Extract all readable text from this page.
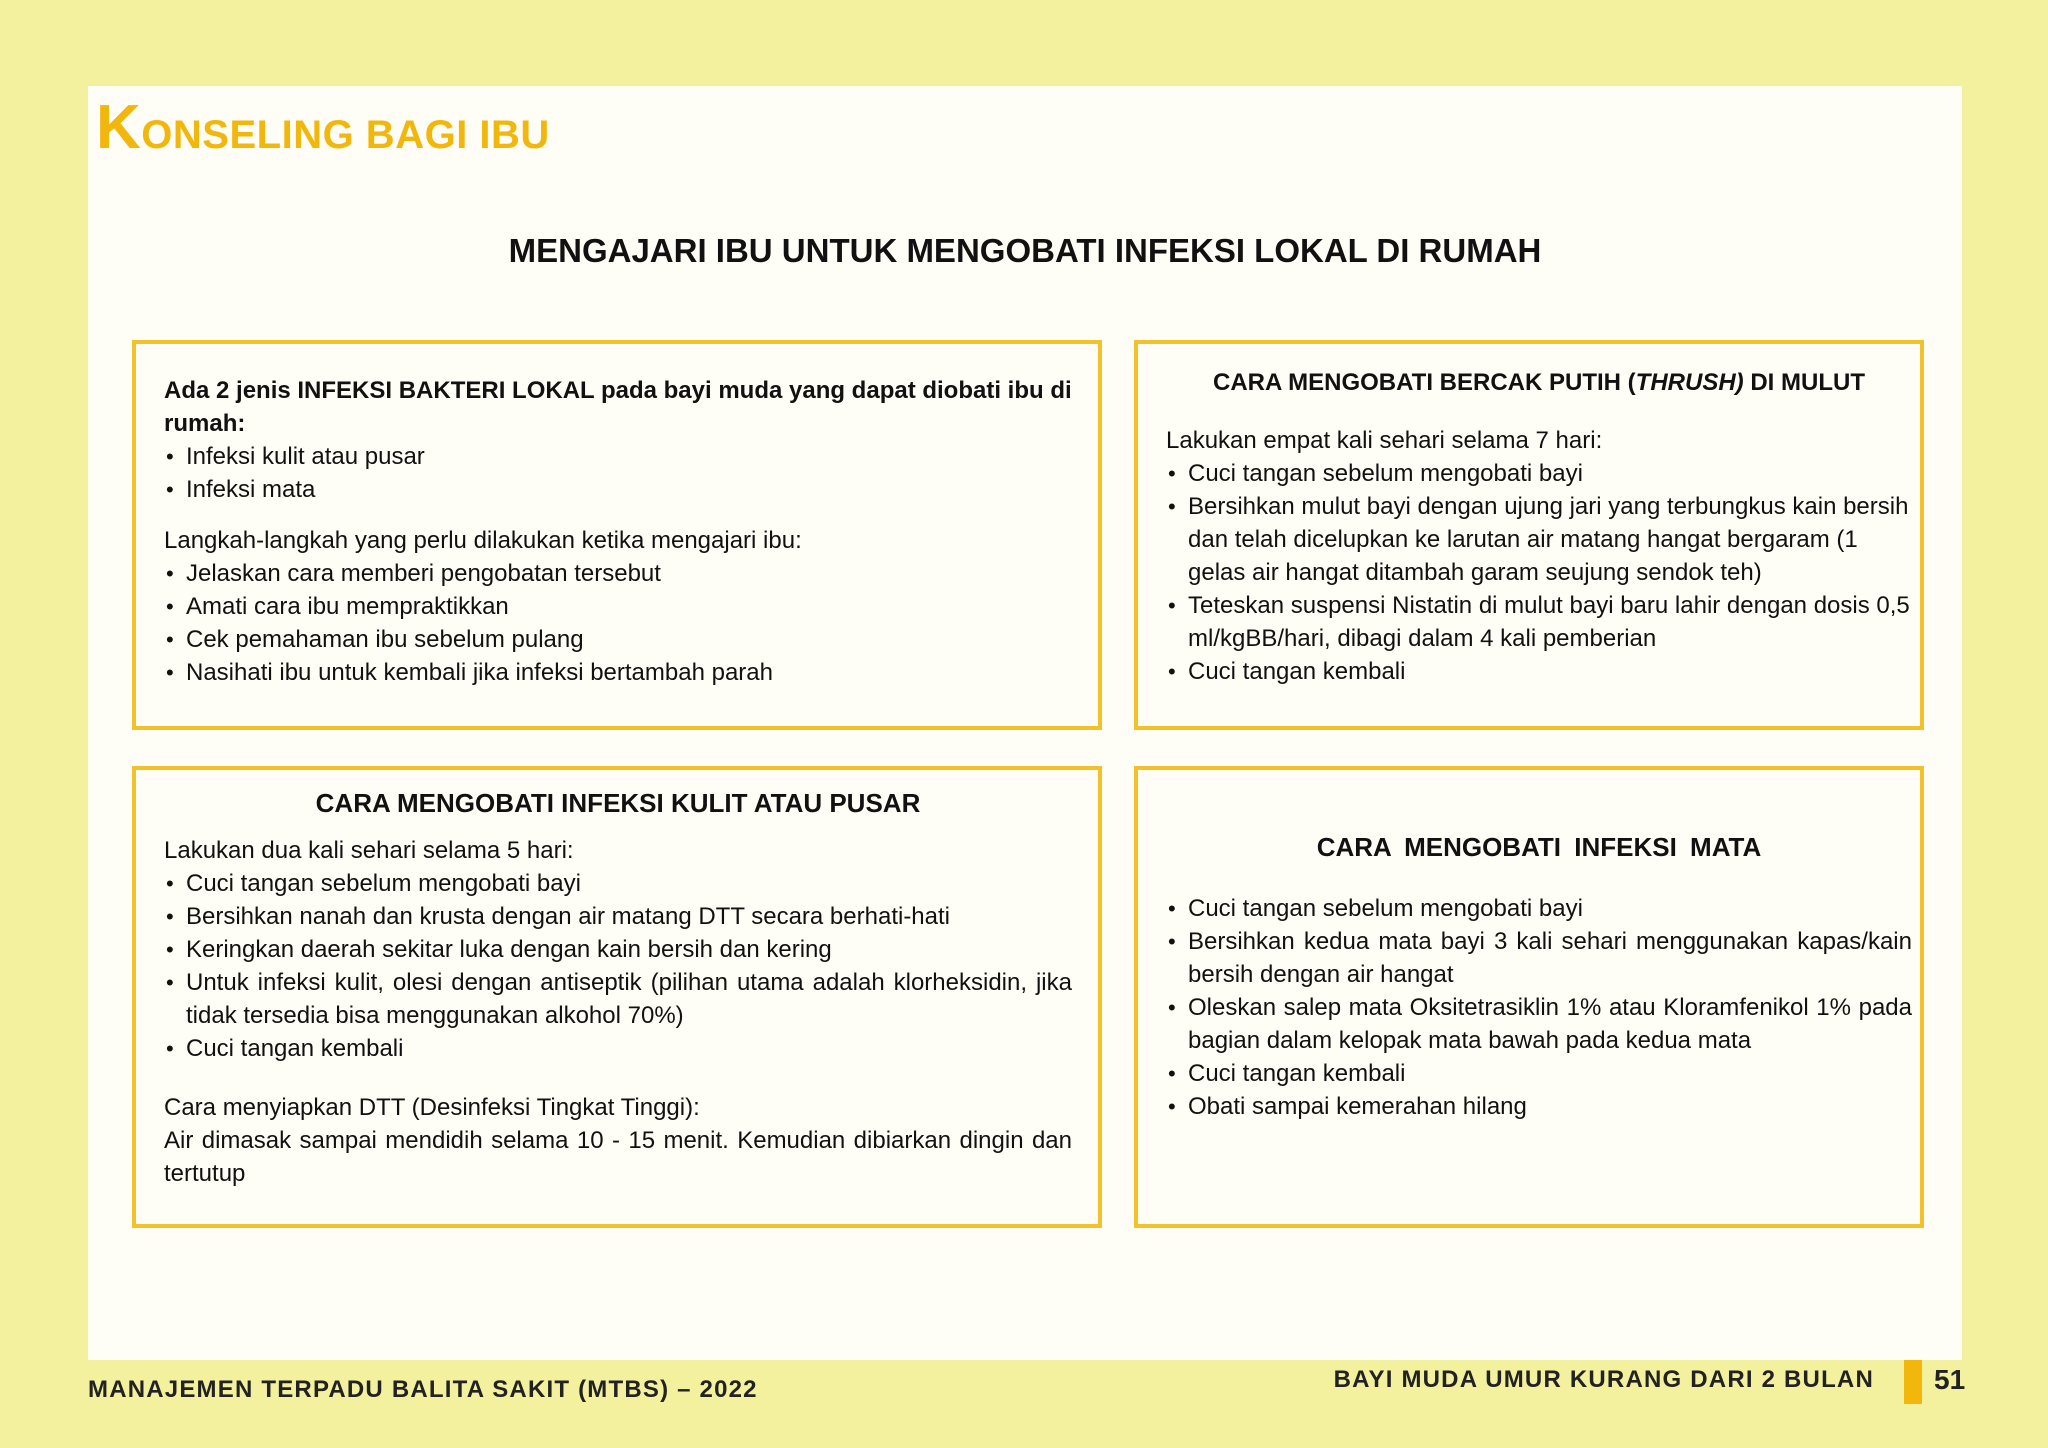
KONSELING BAGI IBU
MENGAJARI IBU UNTUK MENGOBATI INFEKSI LOKAL DI RUMAH
Ada 2 jenis INFEKSI BAKTERI LOKAL pada bayi muda yang dapat diobati ibu di rumah:
• Infeksi kulit atau pusar
• Infeksi mata
Langkah-langkah yang perlu dilakukan ketika mengajari ibu:
• Jelaskan cara memberi pengobatan tersebut
• Amati cara ibu mempraktikkan
• Cek pemahaman ibu sebelum pulang
• Nasihati ibu untuk kembali jika infeksi bertambah parah
CARA MENGOBATI BERCAK PUTIH (THRUSH) DI MULUT
Lakukan empat kali sehari selama 7 hari:
• Cuci tangan sebelum mengobati bayi
• Bersihkan mulut bayi dengan ujung jari yang terbungkus kain bersih dan telah dicelupkan ke larutan air matang hangat bergaram (1 gelas air hangat ditambah garam seujung sendok teh)
• Teteskan suspensi Nistatin di mulut bayi baru lahir dengan dosis 0,5 ml/kgBB/hari, dibagi dalam 4 kali pemberian
• Cuci tangan kembali
CARA MENGOBATI INFEKSI KULIT ATAU PUSAR
Lakukan dua kali sehari selama 5 hari:
• Cuci tangan sebelum mengobati bayi
• Bersihkan nanah dan krusta dengan air matang DTT secara berhati-hati
• Keringkan daerah sekitar luka dengan kain bersih dan kering
• Untuk infeksi kulit, olesi dengan antiseptik (pilihan utama adalah klorheksidin, jika tidak tersedia bisa menggunakan alkohol 70%)
• Cuci tangan kembali
Cara menyiapkan DTT (Desinfeksi Tingkat Tinggi):
Air dimasak sampai mendidih selama 10 - 15 menit. Kemudian dibiarkan dingin dan tertutup
CARA MENGOBATI INFEKSI MATA
• Cuci tangan sebelum mengobati bayi
• Bersihkan kedua mata bayi 3 kali sehari menggunakan kapas/kain bersih dengan air hangat
• Oleskan salep mata Oksitetrasiklin 1% atau Kloramfenikol 1% pada bagian dalam kelopak mata bawah pada kedua mata
• Cuci tangan kembali
• Obati sampai kemerahan hilang
MANAJEMEN TERPADU BALITA SAKIT (MTBS) – 2022	BAYI MUDA UMUR KURANG DARI 2 BULAN 51
